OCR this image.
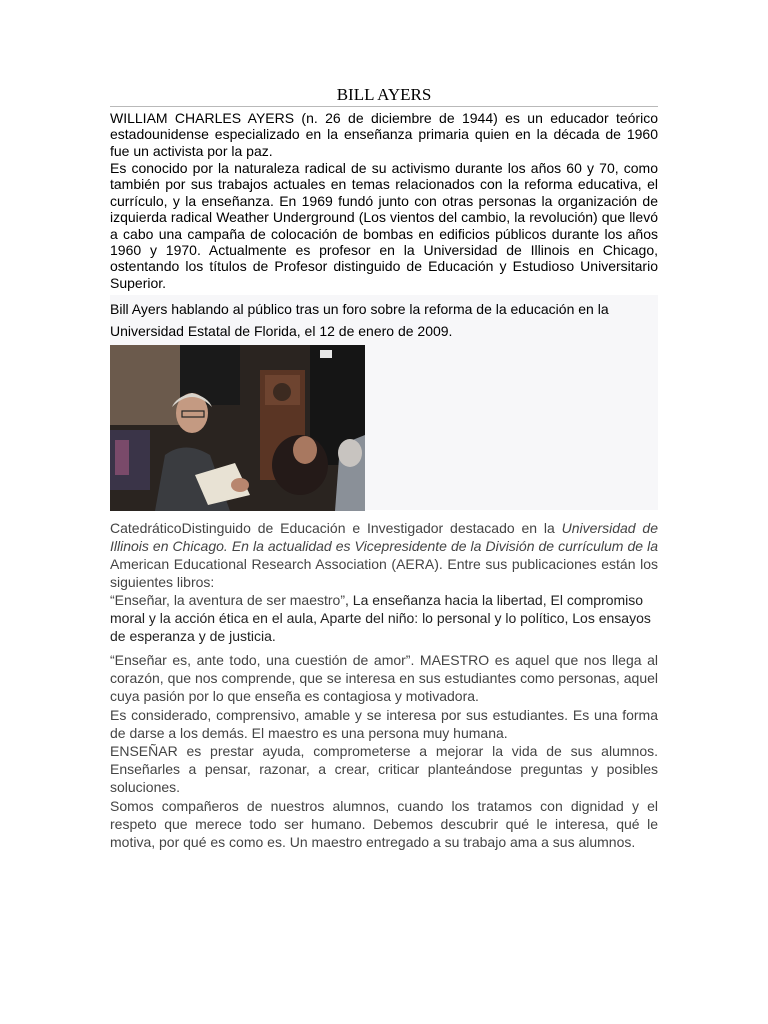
BILL AYERS

WILLIAM CHARLES AYERS (n. 26 de diciembre de 1944) es un educador teórico estadounidense especializado en la enseñanza primaria quien en la década de 1960 fue un activista por la paz.

Es conocido por la naturaleza radical de su activismo durante los años 60 y 70, como también por sus trabajos actuales en temas relacionados con la reforma educativa, el currículo, y la enseñanza. En 1969 fundó junto con otras personas la organización de izquierda radical Weather Underground (Los vientos del cambio, la revolución) que llevó a cabo una campaña de colocación de bombas en edificios públicos durante los años 1960 y 1970. Actualmente es profesor en la Universidad de Illinois en Chicago, ostentando los títulos de Profesor distinguido de Educación y Estudioso Universitario Superior.

Bill Ayers hablando al público tras un foro sobre la reforma de la educación en la Universidad Estatal de Florida, el 12 de enero de 2009.

CatedráticoDistinguido de Educación e Investigador destacado en la Universidad de Illinois en Chicago. En la actualidad es Vicepresidente de la División de currículum de la American Educational Research Association (AERA). Entre sus publicaciones están los siguientes libros:

“Enseñar, la aventura de ser maestro”, La enseñanza hacia la libertad, El compromiso moral y la acción ética en el aula, Aparte del niño: lo personal y lo político, Los ensayos de esperanza y de justicia.

“Enseñar es, ante todo, una cuestión de amor”. MAESTRO es aquel que nos llega al corazón, que nos comprende, que se interesa en sus estudiantes como personas, aquel cuya pasión por lo que enseña es contagiosa y motivadora.

Es considerado, comprensivo, amable y se interesa por sus estudiantes. Es una forma de darse a los demás. El maestro es una persona muy humana.

ENSEÑAR es prestar ayuda, comprometerse a mejorar la vida de sus alumnos. Enseñarles a pensar, razonar, a crear, criticar planteándose preguntas y posibles soluciones.

Somos compañeros de nuestros alumnos, cuando los tratamos con dignidad y el respeto que merece todo ser humano. Debemos descubrir qué le interesa, qué le motiva, por qué es como es. Un maestro entregado a su trabajo ama a sus alumnos.
